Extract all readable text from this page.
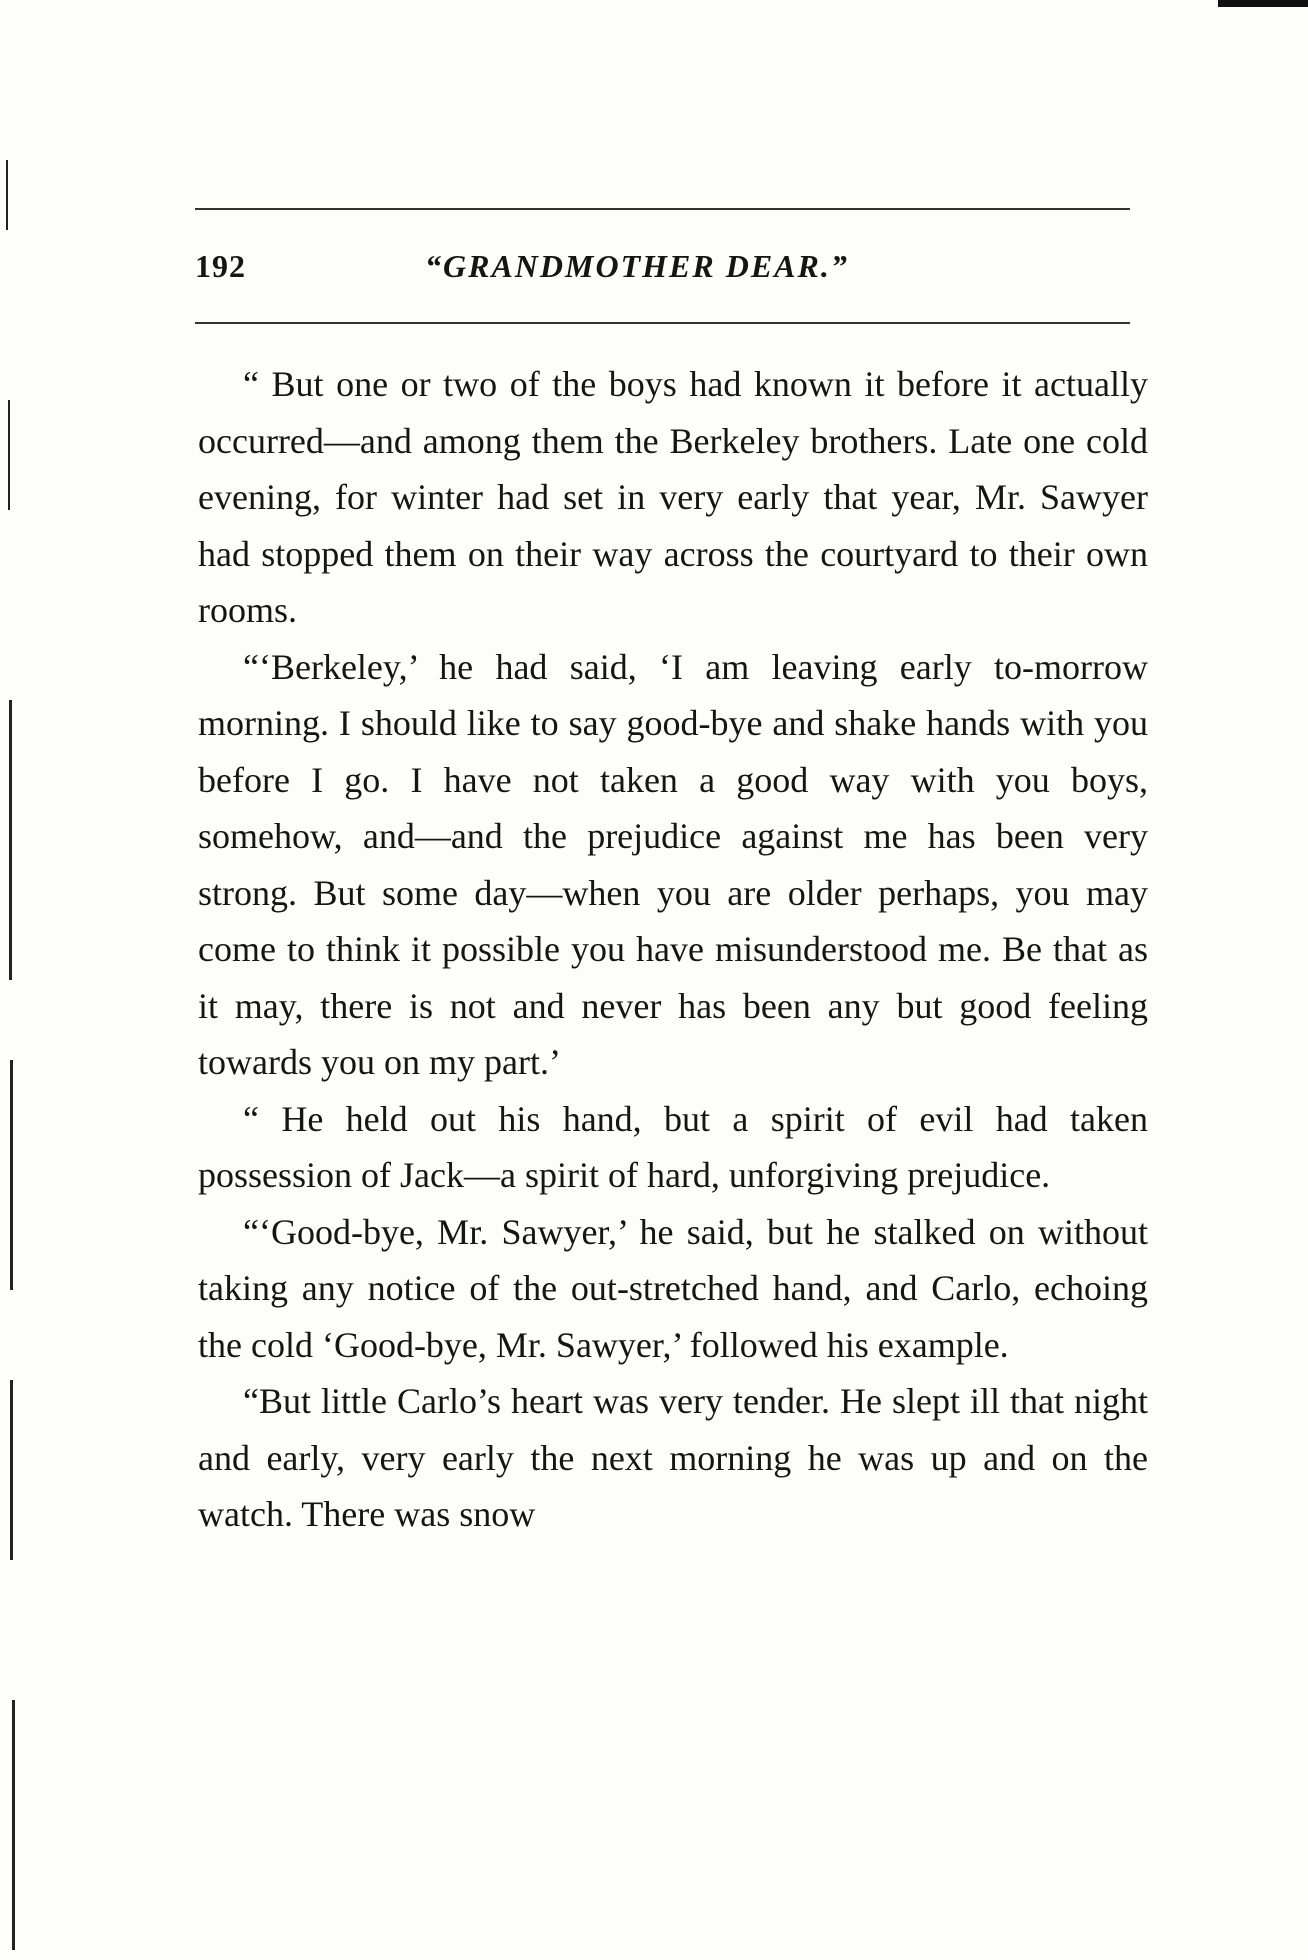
192	“GRANDMOTHER DEAR.”

“ But one or two of the boys had known it before it actually occurred—and among them the Berkeley brothers. Late one cold evening, for winter had set in very early that year, Mr. Sawyer had stopped them on their way across the courtyard to their own rooms.

“‘Berkeley,’ he had said, ‘I am leaving early to-morrow morning. I should like to say good-bye and shake hands with you before I go. I have not taken a good way with you boys, somehow, and—and the prejudice against me has been very strong. But some day—when you are older perhaps, you may come to think it possible you have misunderstood me. Be that as it may, there is not and never has been any but good feeling towards you on my part.’

“ He held out his hand, but a spirit of evil had taken possession of Jack—a spirit of hard, unforgiving prejudice.

“‘Good-bye, Mr. Sawyer,’ he said, but he stalked on without taking any notice of the out-stretched hand, and Carlo, echoing the cold ‘Good-bye, Mr. Sawyer,’ followed his example.

“But little Carlo’s heart was very tender. He slept ill that night and early, very early the next morning he was up and on the watch. There was snow
